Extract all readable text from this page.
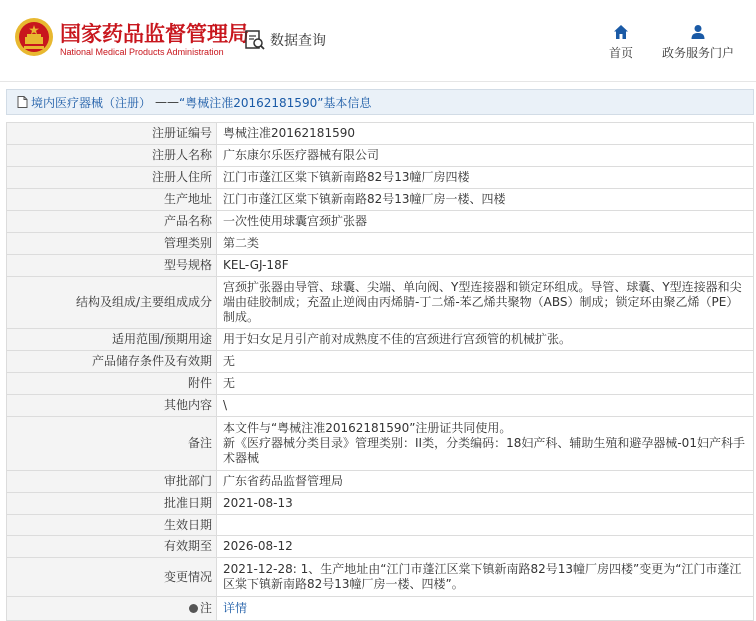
国家药品监督管理局
National Medical Products Administration
数据查询
首页	政务服务门户
境内医疗器械（注册） —— “粤械注准20162181590”基本信息
注册证编号	粤械注准20162181590
注册人名称	广东康尔乐医疗器械有限公司
注册人住所	江门市蓬江区棠下镇新南路82号13幢厂房四楼
生产地址	江门市蓬江区棠下镇新南路82号13幢厂房一楼、四楼
产品名称	一次性使用球囊宫颈扩张器
管理类别	第二类
型号规格	KEL-GJ-18F
结构及组成/主要组成成分	宫颈扩张器由导管、球囊、尖端、单向阀、Y型连接器和锁定环组成。导管、球囊、Y型连接器和尖端由硅胶制成；充盈止逆阀由丙烯腈-丁二烯-苯乙烯共聚物（ABS）制成；锁定环由聚乙烯（PE）制成。
适用范围/预期用途	用于妇女足月引产前对成熟度不佳的宫颈进行宫颈管的机械扩张。
产品储存条件及有效期	无
附件	无
其他内容	\
备注	本文件与“粤械注准20162181590”注册证共同使用。
新《医疗器械分类目录》管理类别：II类，分类编码：18妇产科、辅助生殖和避孕器械-01妇产科手术器械
审批部门	广东省药品监督管理局
批准日期	2021-08-13
生效日期	
有效期至	2026-08-12
变更情况	2021-12-28: 1、生产地址由“江门市蓬江区棠下镇新南路82号13幢厂房四楼”变更为“江门市蓬江区棠下镇新南路82号13幢厂房一楼、四楼”。
注	详情
